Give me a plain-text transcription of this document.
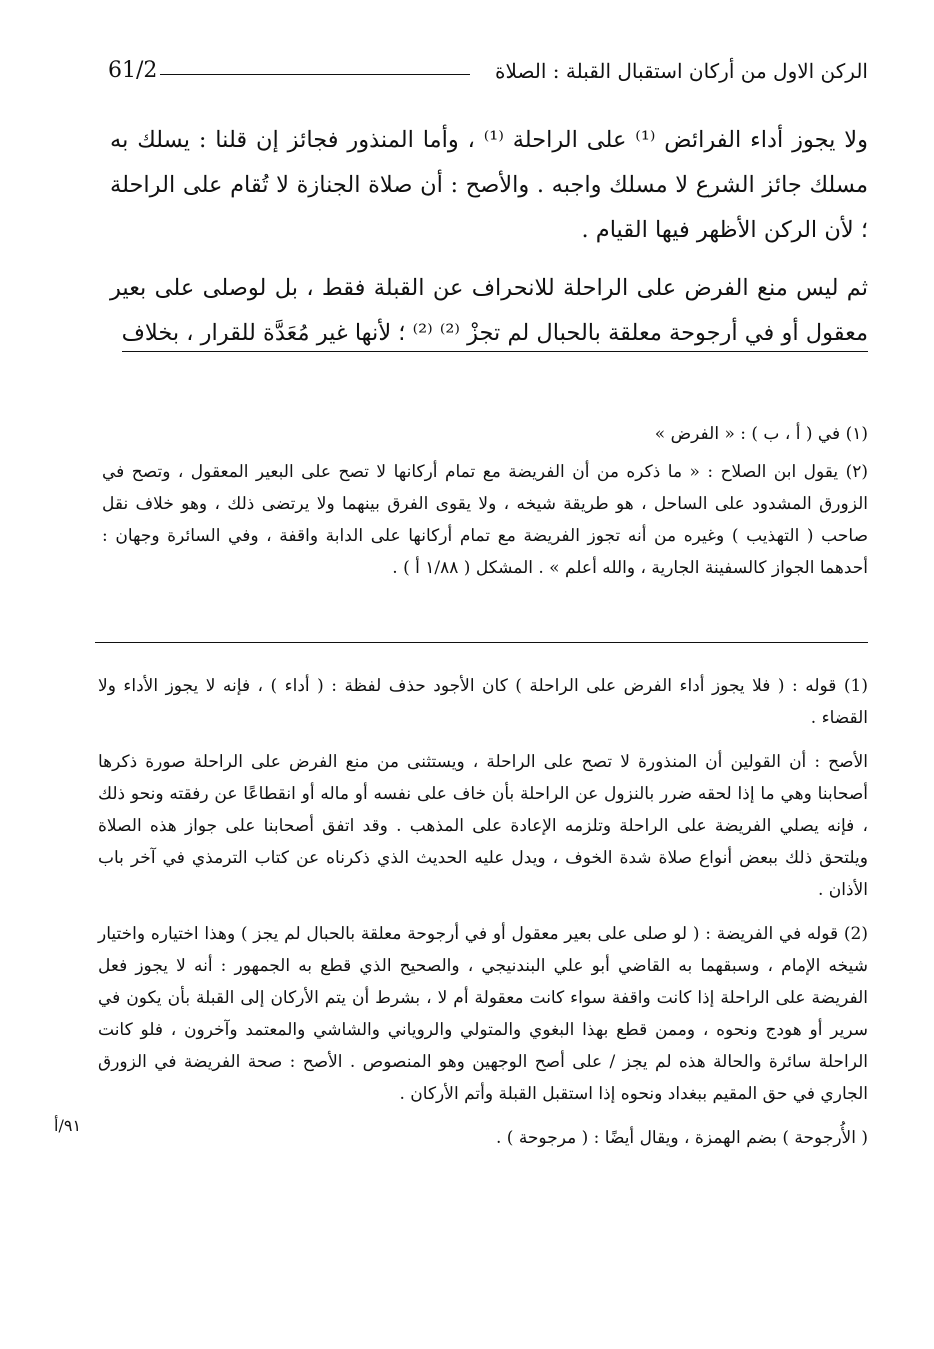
61/2	الركن الاول من أركان استقبال القبلة : الصلاة

ولا يجوز أداء الفرائض ⁽¹⁾ على الراحلة ⁽¹⁾ ، وأما المنذور فجائز إن قلنا : يسلك به مسلك جائز الشرع لا مسلك واجبه . والأصح : أن صلاة الجنازة لا تُقام على الراحلة ؛ لأن الركن الأظهر فيها القيام .

ثم ليس منع الفرض على الراحلة للانحراف عن القبلة فقط ، بل لوصلى على بعير معقول أو في أرجوحة معلقة بالحبال لم تجزْ ⁽²⁾ ⁽²⁾ ؛ لأنها غير مُعَدَّة للقرار ، بخلاف

(١) في ( أ ، ب ) : « الفرض »

(٢) يقول ابن الصلاح : « ما ذكره من أن الفريضة مع تمام أركانها لا تصح على البعير المعقول ، وتصح في الزورق المشدود على الساحل ، هو طريقة شيخه ، ولا يقوى الفرق بينهما ولا يرتضى ذلك ، وهو خلاف نقل صاحب ( التهذيب ) وغيره من أنه تجوز الفريضة مع تمام أركانها على الدابة واقفة ، وفي السائرة وجهان : أحدهما الجواز كالسفينة الجارية ، والله أعلم » . المشكل ( ١/٨٨ أ ) .

(1) قوله : ( فلا يجوز أداء الفرض على الراحلة ) كان الأجود حذف لفظة : ( أداء ) ، فإنه لا يجوز الأداء ولا القضاء .

الأصح : أن القولين أن المنذورة لا تصح على الراحلة ، ويستثنى من منع الفرض على الراحلة صورة ذكرها أصحابنا وهي ما إذا لحقه ضرر بالنزول عن الراحلة بأن خاف على نفسه أو ماله أو انقطاعًا عن رفقته ونحو ذلك ، فإنه يصلي الفريضة على الراحلة وتلزمه الإعادة على المذهب . وقد اتفق أصحابنا على جواز هذه الصلاة ويلتحق ذلك ببعض أنواع صلاة شدة الخوف ، ويدل عليه الحديث الذي ذكرناه عن كتاب الترمذي في آخر باب الأذان .

(2) قوله في الفريضة : ( لو صلى على بعير معقول أو في أرجوحة معلقة بالحبال لم يجز ) وهذا اختياره واختيار شيخه الإمام ، وسبقهما به القاضي أبو علي البندنيجي ، والصحيح الذي قطع به الجمهور : أنه لا يجوز فعل الفريضة على الراحلة إذا كانت واقفة سواء كانت معقولة أم لا ، بشرط أن يتم الأركان إلى القبلة بأن يكون في سرير أو هودج ونحوه ، وممن قطع بهذا البغوي والمتولي والروياني والشاشي والمعتمد وآخرون ، فلو كانت الراحلة سائرة والحالة هذه لم يجز / على أصح الوجهين وهو المنصوص . الأصح : صحة الفريضة في الزورق الجاري في حق المقيم ببغداد ونحوه إذا استقبل القبلة وأتم الأركان .

( الأُرجوحة ) بضم الهمزة ، ويقال أيضًا : ( مرجوحة ) .

٩١/أ
